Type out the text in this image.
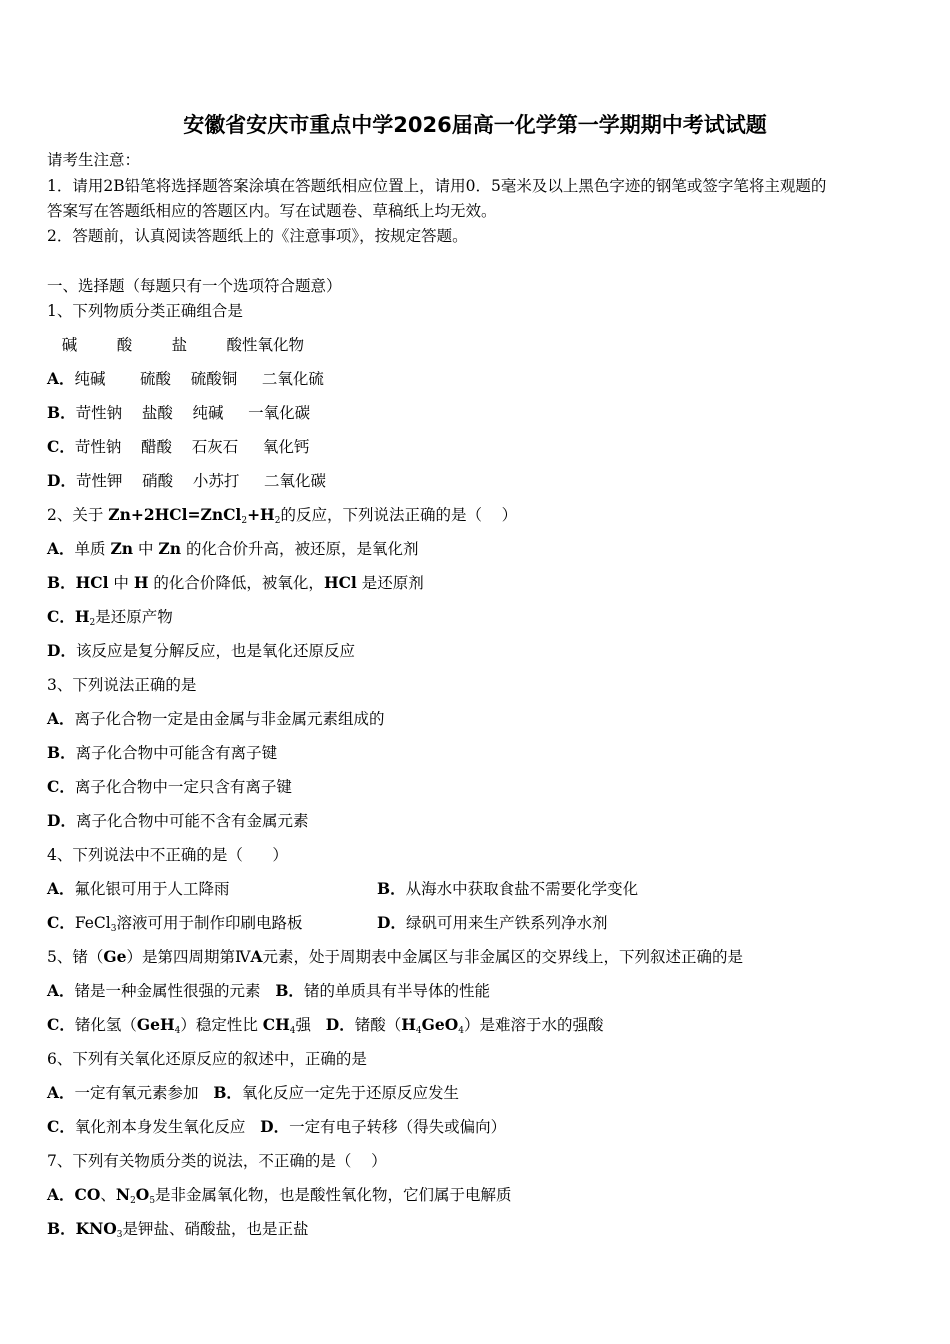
安徽省安庆市重点中学2026届高一化学第一学期期中考试试题
请考生注意：
1．请用2B铅笔将选择题答案涂填在答题纸相应位置上，请用0．5毫米及以上黑色字迹的钢笔或签字笔将主观题的
答案写在答题纸相应的答题区内。写在试题卷、草稿纸上均无效。
2．答题前，认真阅读答题纸上的《注意事项》，按规定答题。
一、选择题（每题只有一个选项符合题意）
1、下列物质分类正确组合是
碱        酸        盐        酸性氧化物
A．纯碱       硫酸    硫酸铜     二氧化硫
B．苛性钠    盐酸    纯碱     一氧化碳
C．苛性钠    醋酸    石灰石     氧化钙
D．苛性钾    硝酸    小苏打     二氧化碳
2、关于 $Zn+2HCl=ZnCl_2+H_2$的反应，下列说法正确的是（    ）
A．单质 Zn 中 Zn 的化合价升高，被还原，是氧化剂
B．HCl 中 H 的化合价降低，被氧化，HCl 是还原剂
C．$H_2$是还原产物
D．该反应是复分解反应，也是氧化还原反应
3、下列说法正确的是
A．离子化合物一定是由金属与非金属元素组成的
B．离子化合物中可能含有离子键
C．离子化合物中一定只含有离子键
D．离子化合物中可能不含有金属元素
4、下列说法中不正确的是（      ）
A．氟化银可用于人工降雨	B．从海水中获取食盐不需要化学变化
C．FeCl$_3$溶液可用于制作印刷电路板	D．绿矾可用来生产铁系列净水剂
5、锗（Ge）是第四周期第ⅣA元素，处于周期表中金属区与非金属区的交界线上，下列叙述正确的是
A．锗是一种金属性很强的元素   B．锗的单质具有半导体的性能
C．锗化氢（GeH$_4$）稳定性比 $CH_4$强   D．锗酸$(H_4GeO_4)$是难溶于水的强酸
6、下列有关氧化还原反应的叙述中，正确的是
A．一定有氧元素参加   B．氧化反应一定先于还原反应发生
C．氧化剂本身发生氧化反应   D．一定有电子转移（得失或偏向）
7、下列有关物质分类的说法，不正确的是（    ）
A．CO、$N_2O_5$是非金属氧化物，也是酸性氧化物，它们属于电解质
B．$KNO_3$是钾盐、硝酸盐，也是正盐
